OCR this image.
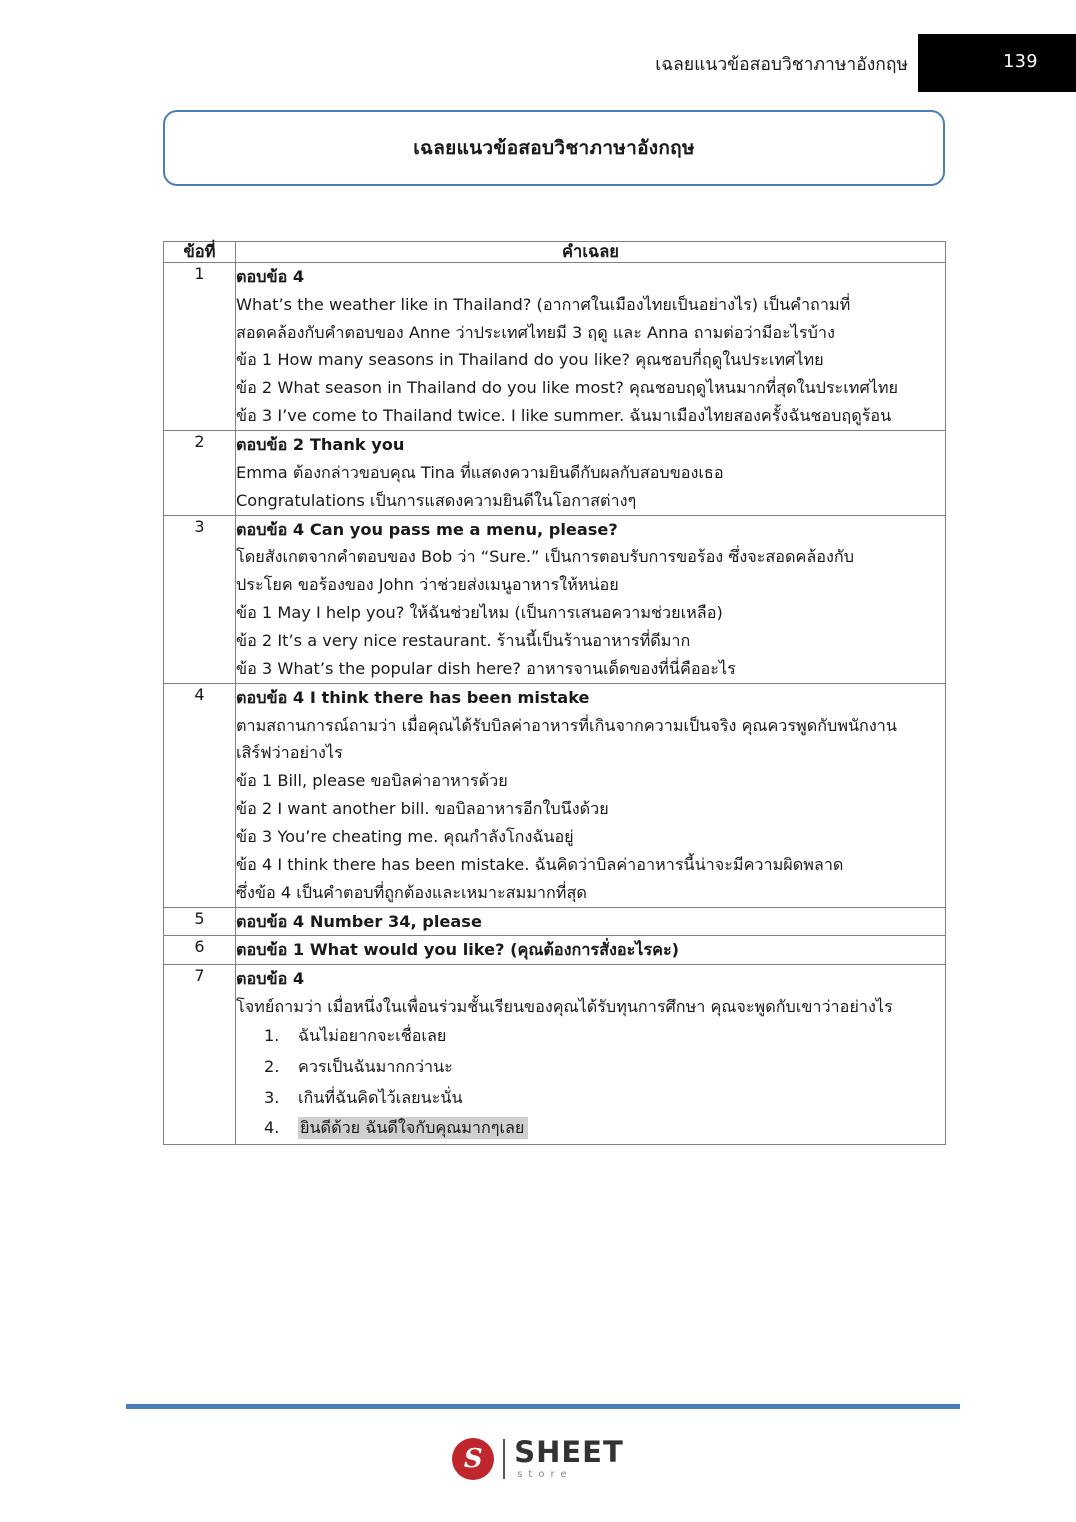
เฉลยแนวข้อสอบวิชาภาษาอังกฤษ	139
เฉลยแนวข้อสอบวิชาภาษาอังกฤษ
ข้อที่	คำเฉลย
1	ตอบข้อ 4

What’s the weather like in Thailand? (อากาศในเมืองไทยเป็นอย่างไร) เป็นคำถามที่

สอดคล้องกับคำตอบของ Anne ว่าประเทศไทยมี 3 ฤดู และ Anna ถามต่อว่ามีอะไรบ้าง

ข้อ 1 How many seasons in Thailand do you like? คุณชอบกี่ฤดูในประเทศไทย

ข้อ 2 What season in Thailand do you like most? คุณชอบฤดูไหนมากที่สุดในประเทศไทย

ข้อ 3 I’ve come to Thailand twice. I like summer. ฉันมาเมืองไทยสองครั้งฉันชอบฤดูร้อน

2	ตอบข้อ 2 Thank you

Emma ต้องกล่าวขอบคุณ Tina ที่แสดงความยินดีกับผลกับสอบของเธอ

Congratulations เป็นการแสดงความยินดีในโอกาสต่างๆ

3	ตอบข้อ 4 Can you pass me a menu, please?

โดยสังเกตจากคำตอบของ Bob ว่า “Sure.” เป็นการตอบรับการขอร้อง ซึ่งจะสอดคล้องกับ

ประโยค ขอร้องของ John ว่าช่วยส่งเมนูอาหารให้หน่อย

ข้อ 1 May I help you? ให้ฉันช่วยไหม (เป็นการเสนอความช่วยเหลือ)

ข้อ 2 It’s a very nice restaurant. ร้านนี้เป็นร้านอาหารที่ดีมาก

ข้อ 3 What’s the popular dish here? อาหารจานเด็ดของที่นี่คืออะไร

4	ตอบข้อ 4 I think there has been mistake

ตามสถานการณ์ถามว่า เมื่อคุณได้รับบิลค่าอาหารที่เกินจากความเป็นจริง คุณควรพูดกับพนักงาน

เสิร์ฟว่าอย่างไร

ข้อ 1 Bill, please ขอบิลค่าอาหารด้วย

ข้อ 2 I want another bill. ขอบิลอาหารอีกใบนึงด้วย

ข้อ 3 You’re cheating me. คุณกำลังโกงฉันอยู่

ข้อ 4 I think there has been mistake. ฉันคิดว่าบิลค่าอาหารนี้น่าจะมีความผิดพลาด

ซึ่งข้อ 4 เป็นคำตอบที่ถูกต้องและเหมาะสมมากที่สุด

5	ตอบข้อ 4 Number 34, please

6	ตอบข้อ 1 What would you like? (คุณต้องการสั่งอะไรคะ)

7	ตอบข้อ 4

โจทย์ถามว่า เมื่อหนึ่งในเพื่อนร่วมชั้นเรียนของคุณได้รับทุนการศึกษา คุณจะพูดกับเขาว่าอย่างไร

1.	ฉันไม่อยากจะเชื่อเลย
2.	ควรเป็นฉันมากกว่านะ
3.	เกินที่ฉันคิดไว้เลยนะนั่น
4.	ยินดีด้วย ฉันดีใจกับคุณมากๆเลย
S	SHEET
store
